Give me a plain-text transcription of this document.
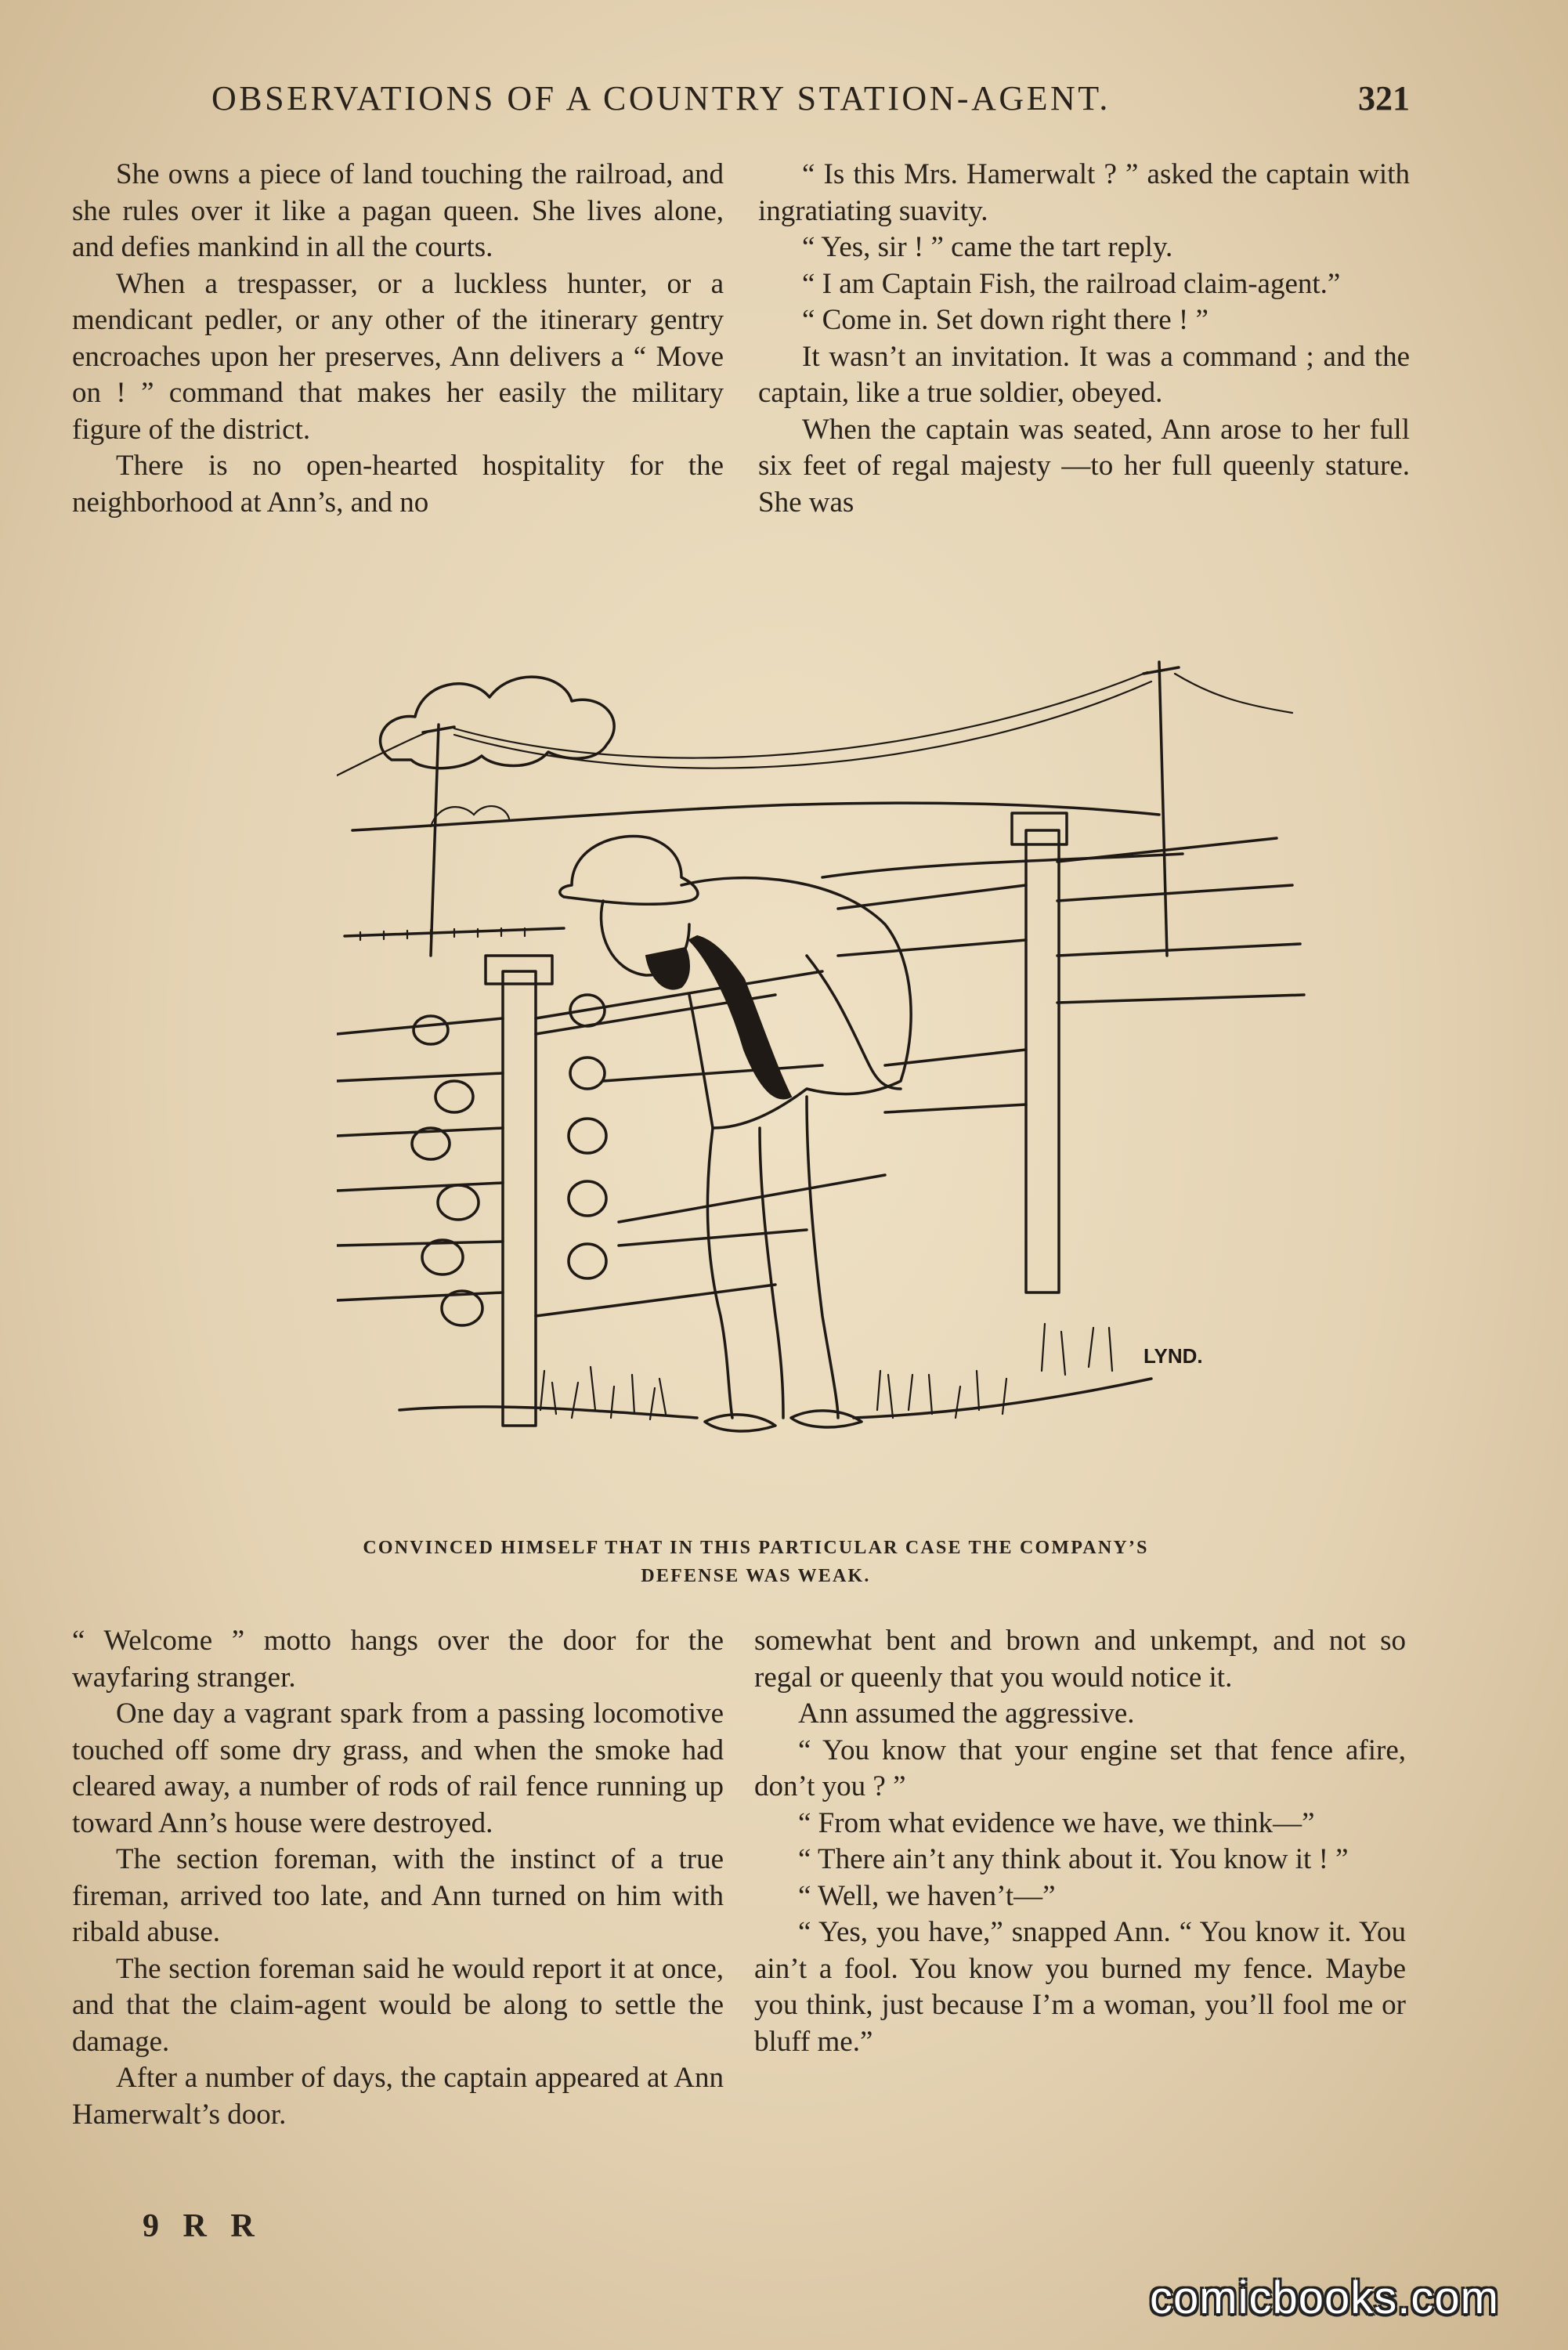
OBSERVATIONS OF A COUNTRY STATION-AGENT.	321

She owns a piece of land touching the railroad, and she rules over it like a pagan queen. She lives alone, and defies mankind in all the courts.

When a trespasser, or a luckless hunter, or a mendicant pedler, or any other of the itinerary gentry encroaches upon her preserves, Ann delivers a “ Move on ! ” command that makes her easily the military figure of the district.

There is no open-hearted hospitality for the neighborhood at Ann’s, and no

“ Is this Mrs. Hamerwalt ? ” asked the captain with ingratiating suavity.

“ Yes, sir ! ” came the tart reply.

“ I am Captain Fish, the railroad claim-agent.”

“ Come in. Set down right there ! ”

It wasn’t an invitation. It was a command ; and the captain, like a true soldier, obeyed.

When the captain was seated, Ann arose to her full six feet of regal majesty —to her full queenly stature. She was

LYND.
CONVINCED HIMSELF THAT IN THIS PARTICULAR CASE THE COMPANY’S
DEFENSE WAS WEAK.

“ Welcome ” motto hangs over the door for the wayfaring stranger.

One day a vagrant spark from a passing locomotive touched off some dry grass, and when the smoke had cleared away, a number of rods of rail fence running up toward Ann’s house were destroyed.

The section foreman, with the instinct of a true fireman, arrived too late, and Ann turned on him with ribald abuse.

The section foreman said he would report it at once, and that the claim-agent would be along to settle the damage.

After a number of days, the captain appeared at Ann Hamerwalt’s door.

somewhat bent and brown and unkempt, and not so regal or queenly that you would notice it.

Ann assumed the aggressive.

“ You know that your engine set that fence afire, don’t you ? ”

“ From what evidence we have, we think—”

“ There ain’t any think about it. You know it ! ”

“ Well, we haven’t—”

“ Yes, you have,” snapped Ann. “ You know it. You ain’t a fool. You know you burned my fence. Maybe you think, just because I’m a woman, you’ll fool me or bluff me.”

9 R R
comicbooks.com
